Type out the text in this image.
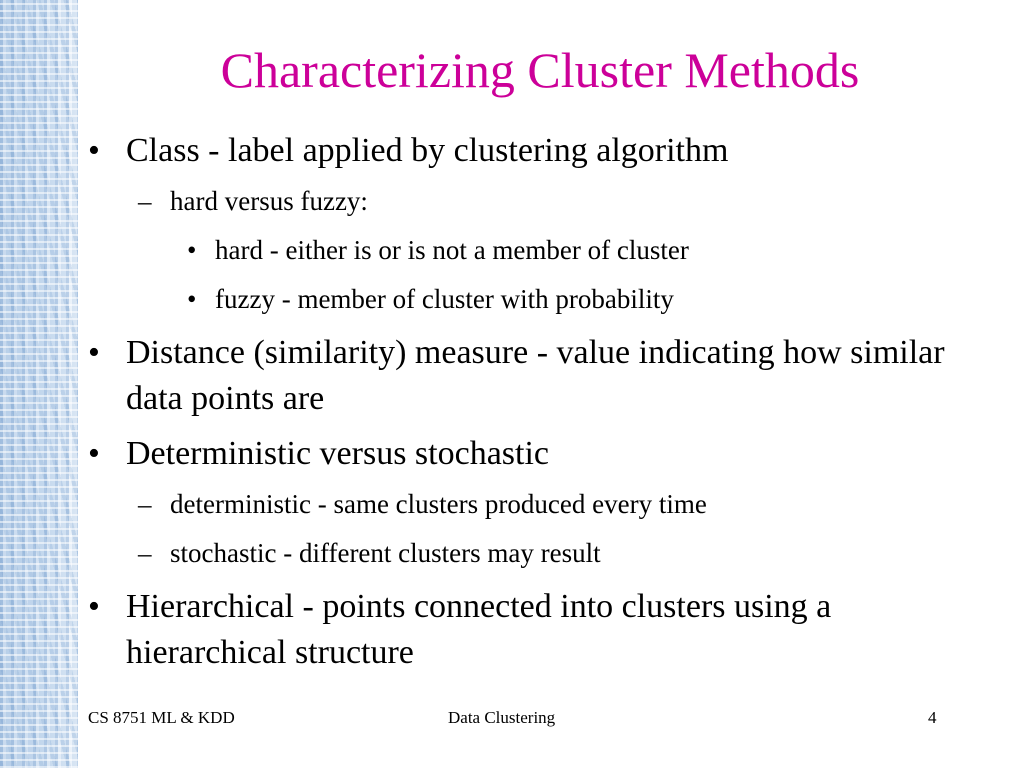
Characterizing Cluster Methods
• Class - label applied by clustering algorithm
– hard versus fuzzy:
• hard - either is or is not a member of cluster
• fuzzy - member of cluster with probability
• Distance (similarity) measure - value indicating how similar data points are
• Deterministic versus stochastic
– deterministic - same clusters produced every time
– stochastic - different clusters may result
• Hierarchical - points connected into clusters using a hierarchical structure
CS 8751 ML & KDD	Data Clustering	4
